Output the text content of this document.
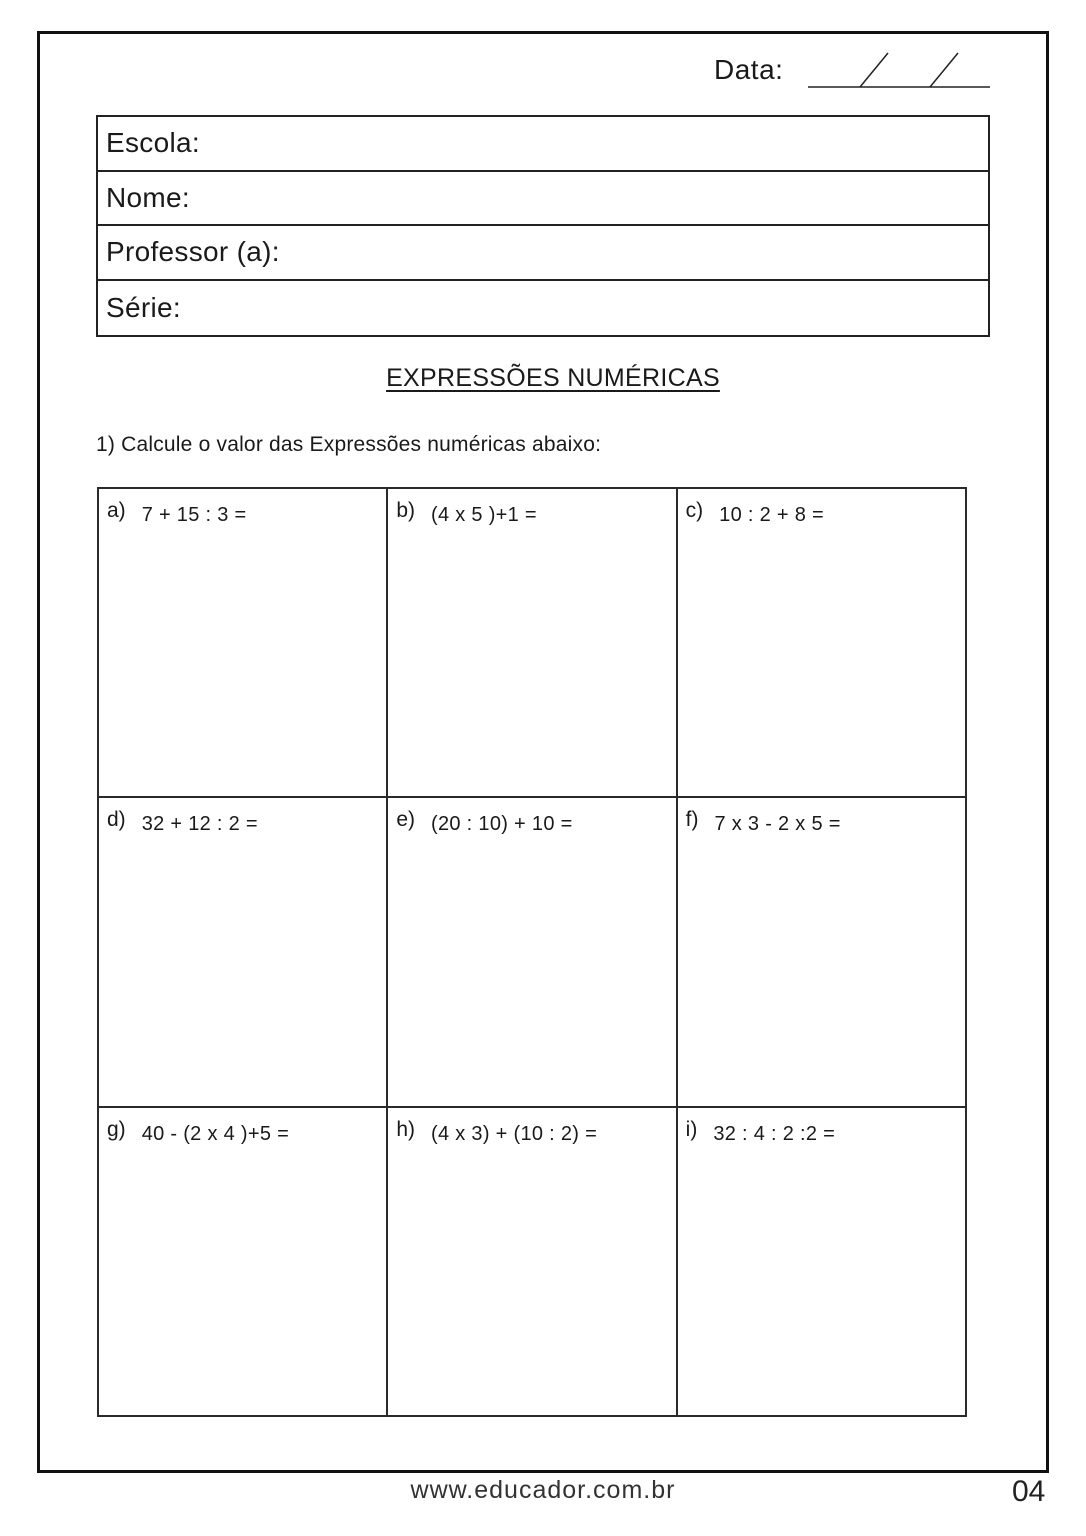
Data:
Escola:
Nome:
Professor (a):
Série:
EXPRESSÕES NUMÉRICAS
1) Calcule o valor das Expressões numéricas abaixo:
a) 7 + 15 : 3 =	b) (4 x 5 )+1 =	c) 10 : 2 + 8 =
d) 32 + 12 : 2 =	e) (20 : 10) + 10 =	f) 7 x 3 - 2 x 5 =
g) 40 - (2 x 4 )+5 =	h) (4 x 3) + (10 : 2) =	i) 32 : 4 : 2 :2 =
www.educador.com.br	04
